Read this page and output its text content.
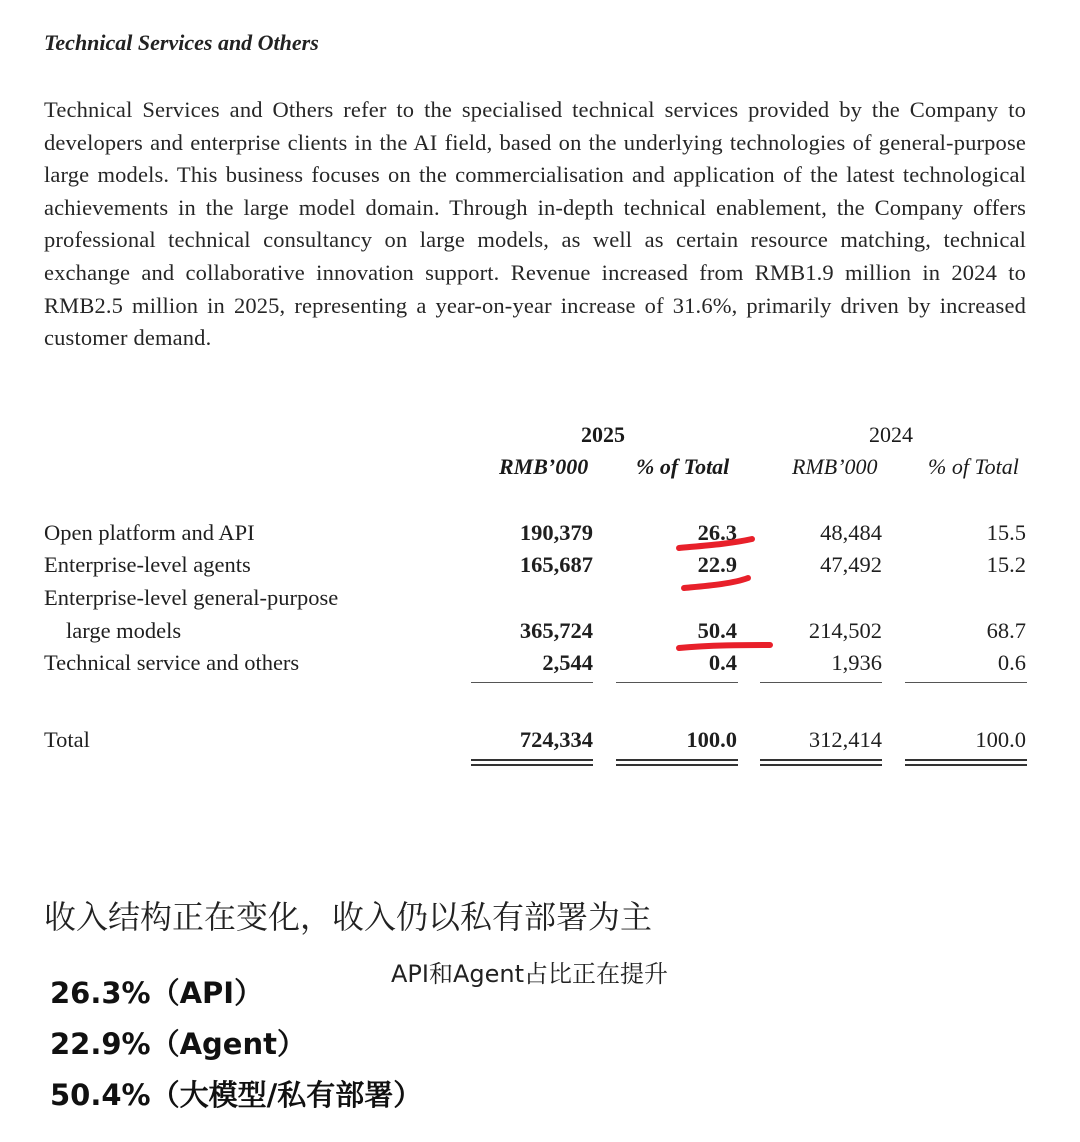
Technical Services and Others
Technical Services and Others refer to the specialised technical services provided by the Company to developers and enterprise clients in the AI field, based on the underlying technologies of general-purpose large models. This business focuses on the commercialisation and application of the latest technological achievements in the large model domain. Through in-depth technical enablement, the Company offers professional technical consultancy on large models, as well as certain resource matching, technical exchange and collaborative innovation support. Revenue increased from RMB1.9 million in 2024 to RMB2.5 million in 2025, representing a year-on-year increase of 31.6%, primarily driven by increased customer demand.
2025	2024
RMB’000 % of Total	RMB’000 % of Total
Open platform and API	190,379	26.3	48,484	15.5
Enterprise-level agents	165,687	22.9	47,492	15.2
Enterprise-level general-purpose
large models	365,724	50.4	214,502	68.7
Technical service and others	2,544	0.4	1,936	0.6
Total	724,334	100.0	312,414	100.0
收入结构正在变化，收入仍以私有部署为主
API和Agent占比正在提升
26.3%（API）
22.9%（Agent）
50.4%（大模型/私有部署）
